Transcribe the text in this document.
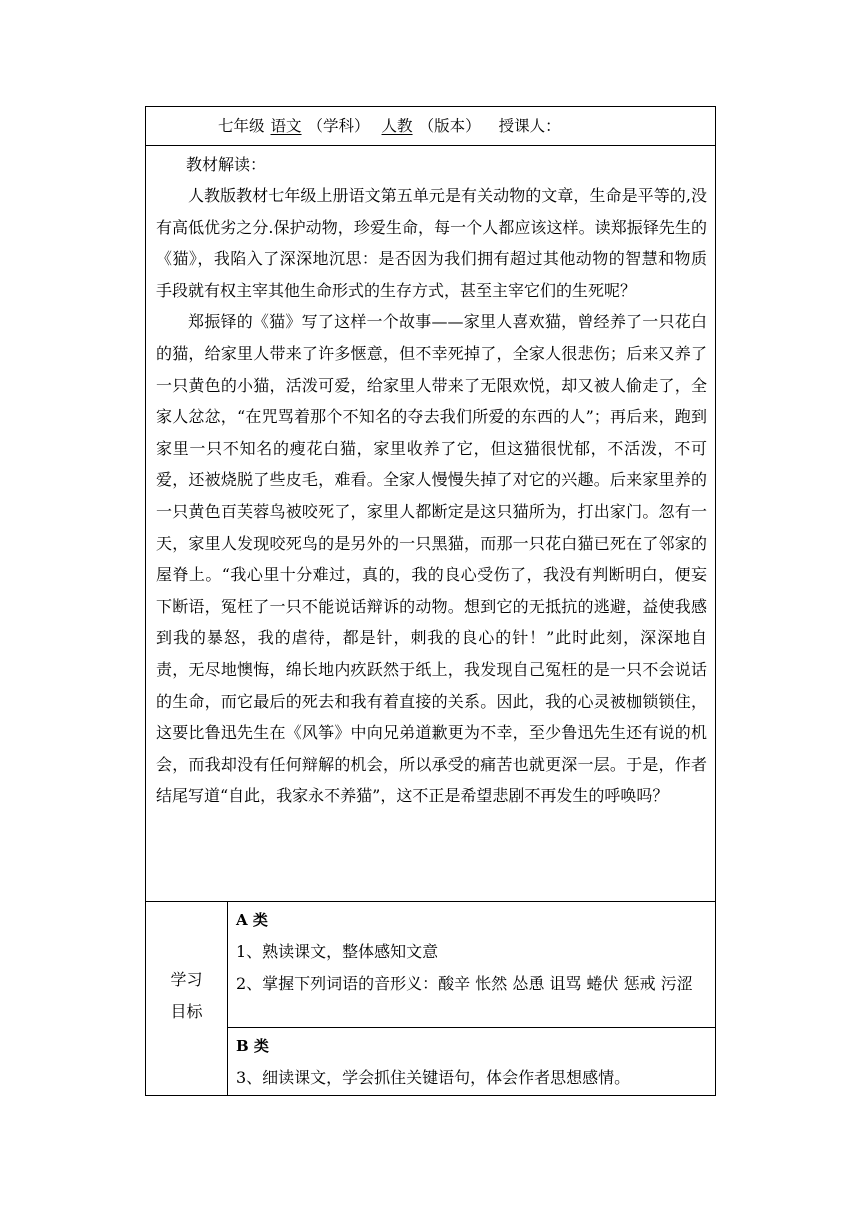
七年级 语文 （学科） 人教 （版本） 授课人：
教材解读：

人教版教材七年级上册语文第五单元是有关动物的文章，生命是平等的,没有高低优劣之分.保护动物，珍爱生命，每一个人都应该这样。读郑振铎先生的《猫》，我陷入了深深地沉思：是否因为我们拥有超过其他动物的智慧和物质手段就有权主宰其他生命形式的生存方式，甚至主宰它们的生死呢？

郑振铎的《猫》写了这样一个故事——家里人喜欢猫，曾经养了一只花白的猫，给家里人带来了许多惬意，但不幸死掉了，全家人很悲伤；后来又养了一只黄色的小猫，活泼可爱，给家里人带来了无限欢悦，却又被人偷走了，全家人忿忿，“在咒骂着那个不知名的夺去我们所爱的东西的人”；再后来，跑到家里一只不知名的瘦花白猫，家里收养了它，但这猫很忧郁，不活泼，不可爱，还被烧脱了些皮毛，难看。全家人慢慢失掉了对它的兴趣。后来家里养的一只黄色百芙蓉鸟被咬死了，家里人都断定是这只猫所为，打出家门。忽有一天，家里人发现咬死鸟的是另外的一只黑猫，而那一只花白猫已死在了邻家的屋脊上。“我心里十分难过，真的，我的良心受伤了，我没有判断明白，便妄下断语，冤枉了一只不能说话辩诉的动物。想到它的无抵抗的逃避，益使我感到我的暴怒，我的虐待，都是针，刺我的良心的针！”此时此刻，深深地自责，无尽地懊悔，绵长地内疚跃然于纸上，我发现自己冤枉的是一只不会说话的生命，而它最后的死去和我有着直接的关系。因此，我的心灵被枷锁锁住，这要比鲁迅先生在《风筝》中向兄弟道歉更为不幸，至少鲁迅先生还有说的机会，而我却没有任何辩解的机会，所以承受的痛苦也就更深一层。于是，作者结尾写道“自此，我家永不养猫”，这不正是希望悲剧不再发生的呼唤吗？

学习
目标
A 类
1、熟读课文，整体感知文意
2、掌握下列词语的音形义：酸辛 怅然 怂恿 诅骂 蜷伏 惩戒 污涩
B 类
3、细读课文，学会抓住关键语句，体会作者思想感情。
